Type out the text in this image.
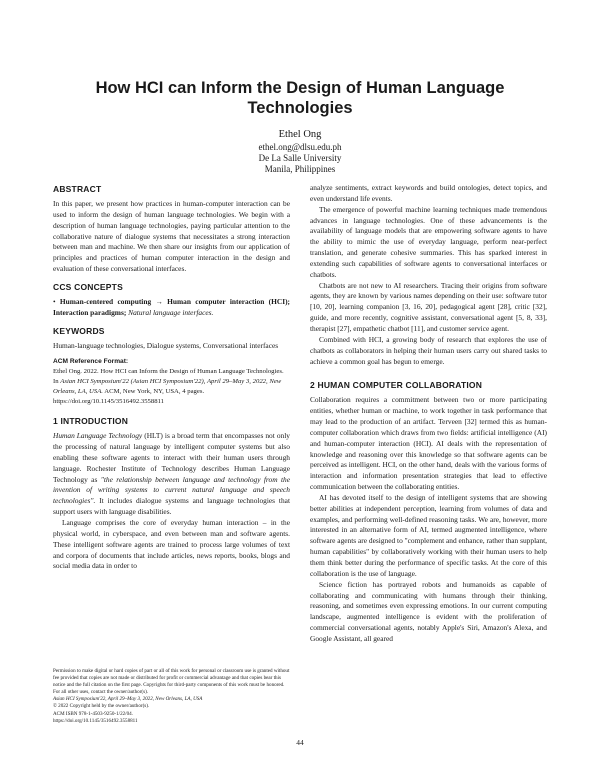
How HCI can Inform the Design of Human Language Technologies
Ethel Ong
ethel.ong@dlsu.edu.ph
De La Salle University
Manila, Philippines
ABSTRACT

In this paper, we present how practices in human-computer interaction can be used to inform the design of human language technologies. We begin with a description of human language technologies, paying particular attention to the collaborative nature of dialogue systems that necessitates a strong interaction between man and machine. We then share our insights from our application of principles and practices of human computer interaction in the design and evaluation of these conversational interfaces.

CCS CONCEPTS

• Human-centered computing → Human computer interaction (HCI); Interaction paradigms; Natural language interfaces.

KEYWORDS

Human-language technologies, Dialogue systems, Conversational interfaces

ACM Reference Format:

Ethel Ong. 2022. How HCI can Inform the Design of Human Language Technologies. In Asian HCI Symposium'22 (Asian HCI Symposium'22), April 29–May 3, 2022, New Orleans, LA, USA. ACM, New York, NY, USA, 4 pages. https://doi.org/10.1145/3516492.3558811

1 INTRODUCTION

Human Language Technology (HLT) is a broad term that encompasses not only the processing of natural language by intelligent computer systems but also enabling these software agents to interact with their human users through language. Rochester Institute of Technology describes Human Language Technology as "the relationship between language and technology from the invention of writing systems to current natural language and speech technologies". It includes dialogue systems and language technologies that support users with language disabilities.

Language comprises the core of everyday human interaction – in the physical world, in cyberspace, and even between man and software agents. These intelligent software agents are trained to process large volumes of text and corpora of documents that include articles, news reports, books, blogs and social media data in order to

Permission to make digital or hard copies of part or all of this work for personal or classroom use is granted without fee provided that copies are not made or distributed for profit or commercial advantage and that copies bear this notice and the full citation on the first page. Copyrights for third-party components of this work must be honored. For all other uses, contact the owner/author(s).
Asian HCI Symposium'22, April 29–May 3, 2022, New Orleans, LA, USA
© 2022 Copyright held by the owner/author(s).
ACM ISBN 978-1-4503-9250-1/22/04.
https://doi.org/10.1145/3516492.3558811

analyze sentiments, extract keywords and build ontologies, detect topics, and even understand life events.

The emergence of powerful machine learning techniques made tremendous advances in language technologies. One of these advancements is the availability of language models that are empowering software agents to have the ability to mimic the use of everyday language, perform near-perfect translation, and generate cohesive summaries. This has sparked interest in extending such capabilities of software agents to conversational interfaces or chatbots.

Chatbots are not new to AI researchers. Tracing their origins from software agents, they are known by various names depending on their use: software tutor [10, 20], learning companion [3, 16, 20], pedagogical agent [28], critic [32], guide, and more recently, cognitive assistant, conversational agent [5, 8, 33], therapist [27], empathetic chatbot [11], and customer service agent.

Combined with HCI, a growing body of research that explores the use of chatbots as collaborators in helping their human users carry out shared tasks to achieve a common goal has begun to emerge.

2 HUMAN COMPUTER COLLABORATION

Collaboration requires a commitment between two or more participating entities, whether human or machine, to work together in task performance that may lead to the production of an artifact. Terveen [32] termed this as human-computer collaboration which draws from two fields: artificial intelligence (AI) and human-computer interaction (HCI). AI deals with the representation of knowledge and reasoning over this knowledge so that software agents can be perceived as intelligent. HCI, on the other hand, deals with the various forms of interaction and information presentation strategies that lead to effective communication between the collaborating entities.

AI has devoted itself to the design of intelligent systems that are showing better abilities at independent perception, learning from volumes of data and examples, and performing well-defined reasoning tasks. We are, however, more interested in an alternative form of AI, termed augmented intelligence, where software agents are designed to "complement and enhance, rather than supplant, human capabilities" by collaboratively working with their human users to help them think better during the performance of specific tasks. At the core of this collaboration is the use of language.

Science fiction has portrayed robots and humanoids as capable of collaborating and communicating with humans through their thinking, reasoning, and sometimes even expressing emotions. In our current computing landscape, augmented intelligence is evident with the proliferation of commercial conversational agents, notably Apple's Siri, Amazon's Alexa, and Google Assistant, all geared

44
